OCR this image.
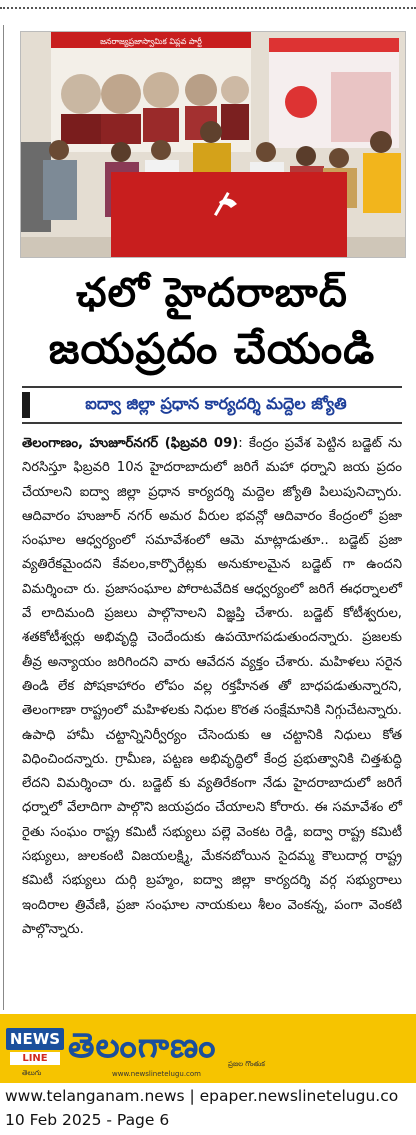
జనరాజ్యప్రజాస్వామిక విప్లవ పార్టీ
ఛలో హైదరాబాద్
జయప్రదం చేయండి
ఐద్వా జిల్లా ప్రధాన కార్యదర్శి మద్దెల జ్యోతి

తెలంగాణం, హుజూర్‌నగర్ (ఫిబ్రవరి 09): కేంద్రం ప్రవేశ పెట్టిన బడ్జెట్ ను నిరసిస్తూ ఫిబ్రవరి 10న హైదరాబాదులో జరిగే మహా ధర్నాని జయ ప్రదం చేయాలని ఐద్వా జిల్లా ప్రధాన కార్యదర్శి మద్దెల జ్యోతి పిలుపునిచ్చారు. ఆదివారం హుజూర్ నగర్ అమర వీరుల భవన్లో ఆదివారం కేంద్రంలో ప్రజా సంఘాల ఆధ్వర్యంలో సమావేశంలో ఆమె మాట్లాడుతూ.. బడ్జెట్ ప్రజా వ్యతిరేకమైందని కేవలం,కార్పొరేట్లకు అనుకూలమైన బడ్జెట్ గా ఉందని విమర్శించా రు. ప్రజాసంఘాల పోరాటవేదిక ఆధ్వర్యంలో జరిగే ఈధర్నాలలో వే లాదిమంది ప్రజలు పాల్గొనాలని విజ్ఞప్తి చేశారు. బడ్జెట్ కోటీశ్వరుల, శతకోటీశ్వర్లు అభివృద్ధి చెందేందుకు ఉపయోగపడుతుందన్నారు. ప్రజలకు తీవ్ర అన్యాయం జరిగిందని వారు ఆవేదన వ్యక్తం చేశారు. మహిళలు సరైన తిండి లేక పోషకాహారం లోపం వల్ల రక్తహీనత తో బాధపడుతున్నారని, తెలంగాణా రాష్ట్రంలో మహిళలకు నిధుల కొరత సంక్షేమానికి నిగ్గుచేటన్నారు. ఉపాధి హామీ చట్టాన్నినిర్వీర్యం చేసెందుకు ఆ చట్టానికి నిధులు కోత విధించిందన్నారు. గ్రామీణ, పట్టణ అభివృద్ధిలో కేంద్ర ప్రభుత్వానికి చిత్తశుద్ధి లేదని విమర్శించా రు. బడ్జెట్ కు వ్యతిరేకంగా నేడు హైదరాబాదులో జరిగే ధర్నాలో వేలాదిగా పాల్గొని జయప్రదం చేయాలని కోరారు. ఈ సమావేశం లో రైతు సంఘం రాష్ట్ర కమిటీ సభ్యులు పల్లె వెంకట రెడ్డి, ఐద్వా రాష్ట్ర కమిటీ సభ్యులు, జులకంటి విజయలక్ష్మి, మేకనబోయిన సైదమ్మ కౌలుదార్ల రాష్ట్ర కమిటీ సభ్యులు దుర్గి బ్రహ్మం, ఐద్వా జిల్లా కార్యదర్శి వర్గ సభ్యురాలు ఇందిరాల త్రివేణి, ప్రజా సంఘాల నాయకులు శీలం వెంకన్న, పంగా వెంకటి పాల్గొన్నారు.

NEWS
LINE
తెలుగు
తెలంగాణం
www.newslinetelugu.com
ప్రజల గొంతుక
www.telanganam.news | epaper.newslinetelugu.co
10 Feb 2025 - Page 6
